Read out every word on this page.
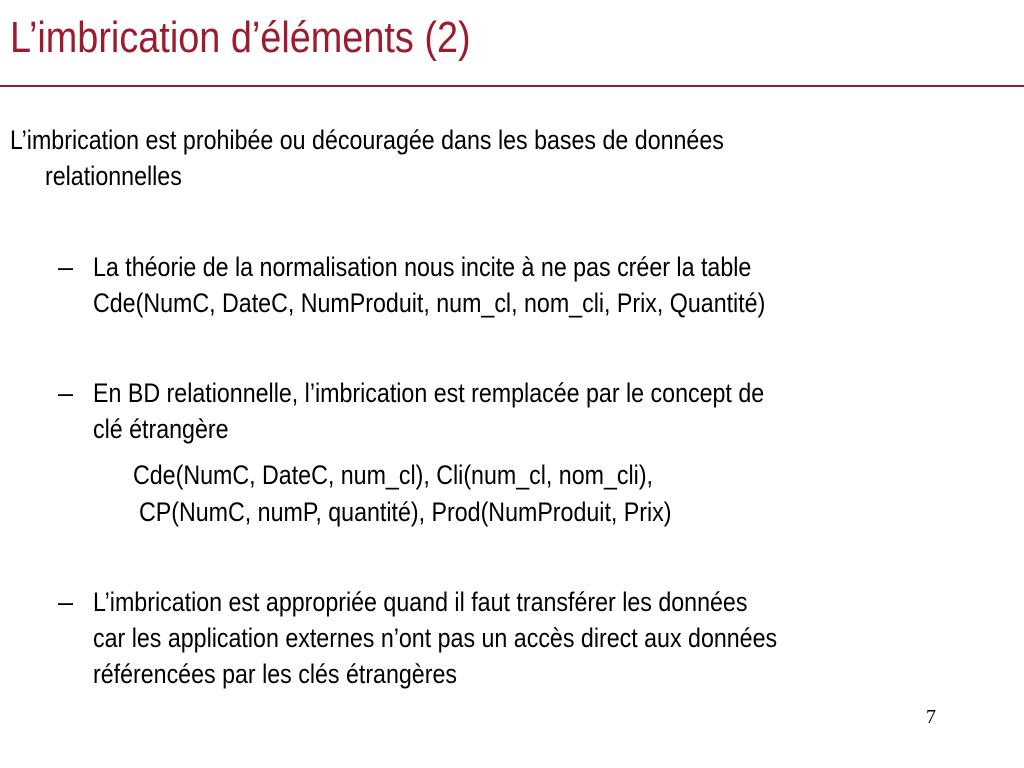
L’imbrication d’éléments (2)
L’imbrication est prohibée ou découragée dans les bases de données
relationnelles
– La théorie de la normalisation nous incite à ne pas créer la table
Cde(NumC, DateC, NumProduit, num_cl, nom_cli, Prix, Quantité)
– En BD relationnelle, l’imbrication est remplacée par le concept de
clé étrangère
Cde(NumC, DateC, num_cl), Cli(num_cl, nom_cli),
CP(NumC, numP, quantité), Prod(NumProduit, Prix)
– L’imbrication est appropriée quand il faut transférer les données
car les application externes n’ont pas un accès direct aux données
référencées par les clés étrangères
7
